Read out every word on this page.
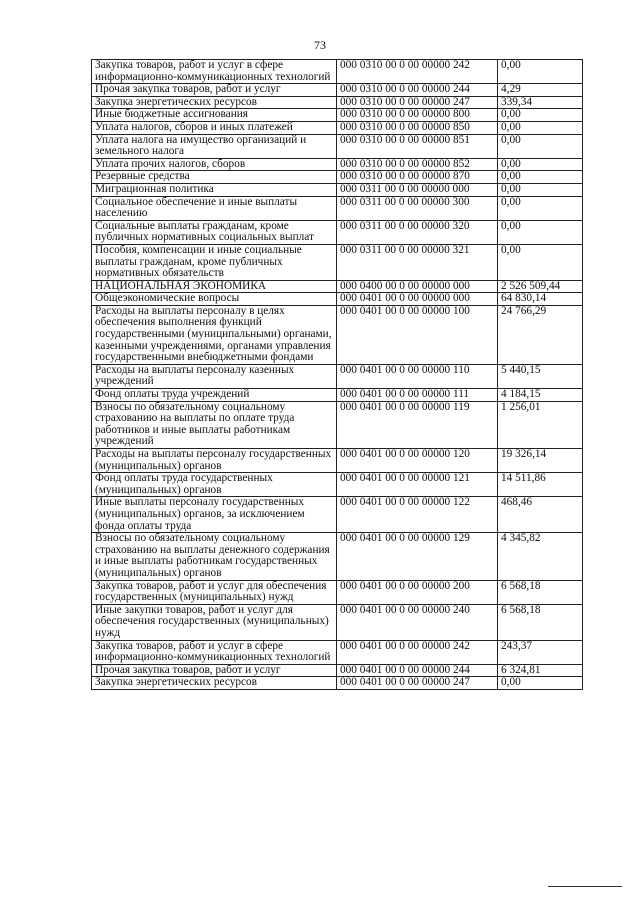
73
Закупка товаров, работ и услуг в сфере информационно-коммуникационных технологий	000 0310 00 0 00 00000 242	0,00
Прочая закупка товаров, работ и услуг	000 0310 00 0 00 00000 244	4,29
Закупка энергетических ресурсов	000 0310 00 0 00 00000 247	339,34
Иные бюджетные ассигнования	000 0310 00 0 00 00000 800	0,00
Уплата налогов, сборов и иных платежей	000 0310 00 0 00 00000 850	0,00
Уплата налога на имущество организаций и земельного налога	000 0310 00 0 00 00000 851	0,00
Уплата прочих налогов, сборов	000 0310 00 0 00 00000 852	0,00
Резервные средства	000 0310 00 0 00 00000 870	0,00
Миграционная политика	000 0311 00 0 00 00000 000	0,00
Социальное обеспечение и иные выплаты населению	000 0311 00 0 00 00000 300	0,00
Социальные выплаты гражданам, кроме публичных нормативных социальных выплат	000 0311 00 0 00 00000 320	0,00
Пособия, компенсации и иные социальные выплаты гражданам, кроме публичных нормативных обязательств	000 0311 00 0 00 00000 321	0,00
НАЦИОНАЛЬНАЯ ЭКОНОМИКА	000 0400 00 0 00 00000 000	2 526 509,44
Общеэкономические вопросы	000 0401 00 0 00 00000 000	64 830,14
Расходы на выплаты персоналу в целях обеспечения выполнения функций государственными (муниципальными) органами, казенными учреждениями, органами управления государственными внебюджетными фондами	000 0401 00 0 00 00000 100	24 766,29
Расходы на выплаты персоналу казенных учреждений	000 0401 00 0 00 00000 110	5 440,15
Фонд оплаты труда учреждений	000 0401 00 0 00 00000 111	4 184,15
Взносы по обязательному социальному страхованию на выплаты по оплате труда работников и иные выплаты работникам учреждений	000 0401 00 0 00 00000 119	1 256,01
Расходы на выплаты персоналу государственных (муниципальных) органов	000 0401 00 0 00 00000 120	19 326,14
Фонд оплаты труда государственных (муниципальных) органов	000 0401 00 0 00 00000 121	14 511,86
Иные выплаты персоналу государственных (муниципальных) органов, за исключением фонда оплаты труда	000 0401 00 0 00 00000 122	468,46
Взносы по обязательному социальному страхованию на выплаты денежного содержания и иные выплаты работникам государственных (муниципальных) органов	000 0401 00 0 00 00000 129	4 345,82
Закупка товаров, работ и услуг для обеспечения государственных (муниципальных) нужд	000 0401 00 0 00 00000 200	6 568,18
Иные закупки товаров, работ и услуг для обеспечения государственных (муниципальных) нужд	000 0401 00 0 00 00000 240	6 568,18
Закупка товаров, работ и услуг в сфере информационно-коммуникационных технологий	000 0401 00 0 00 00000 242	243,37
Прочая закупка товаров, работ и услуг	000 0401 00 0 00 00000 244	6 324,81
Закупка энергетических ресурсов	000 0401 00 0 00 00000 247	0,00
